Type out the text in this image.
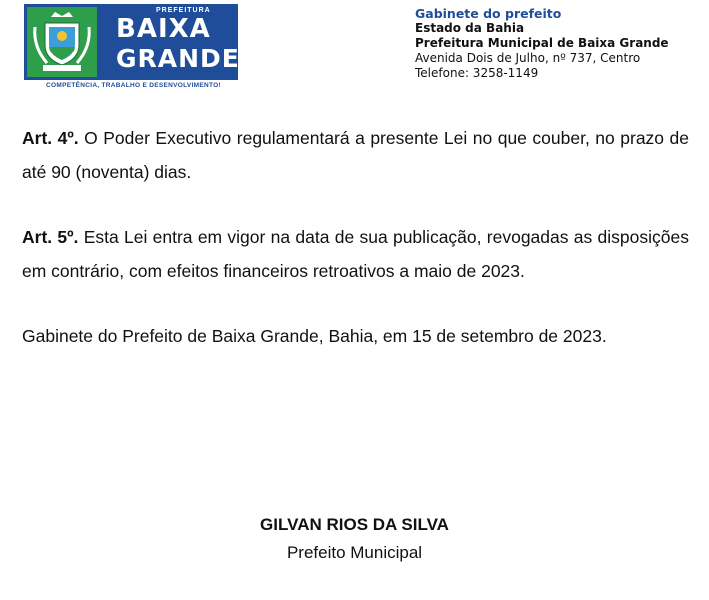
PREFEITURA
BAIXA
GRANDE
COMPETÊNCIA, TRABALHO E DESENVOLVIMENTO!
Gabinete do prefeito
Estado da Bahia
Prefeitura Municipal de Baixa Grande
Avenida Dois de Julho, nº 737, Centro
Telefone: 3258-1149
Art. 4º. O Poder Executivo regulamentará a presente Lei no que couber, no prazo de até 90 (noventa) dias.
Art. 5º. Esta Lei entra em vigor na data de sua publicação, revogadas as disposições em contrário, com efeitos financeiros retroativos a maio de 2023.
Gabinete do Prefeito de Baixa Grande, Bahia, em 15 de setembro de 2023.
GILVAN RIOS DA SILVA
Prefeito Municipal
